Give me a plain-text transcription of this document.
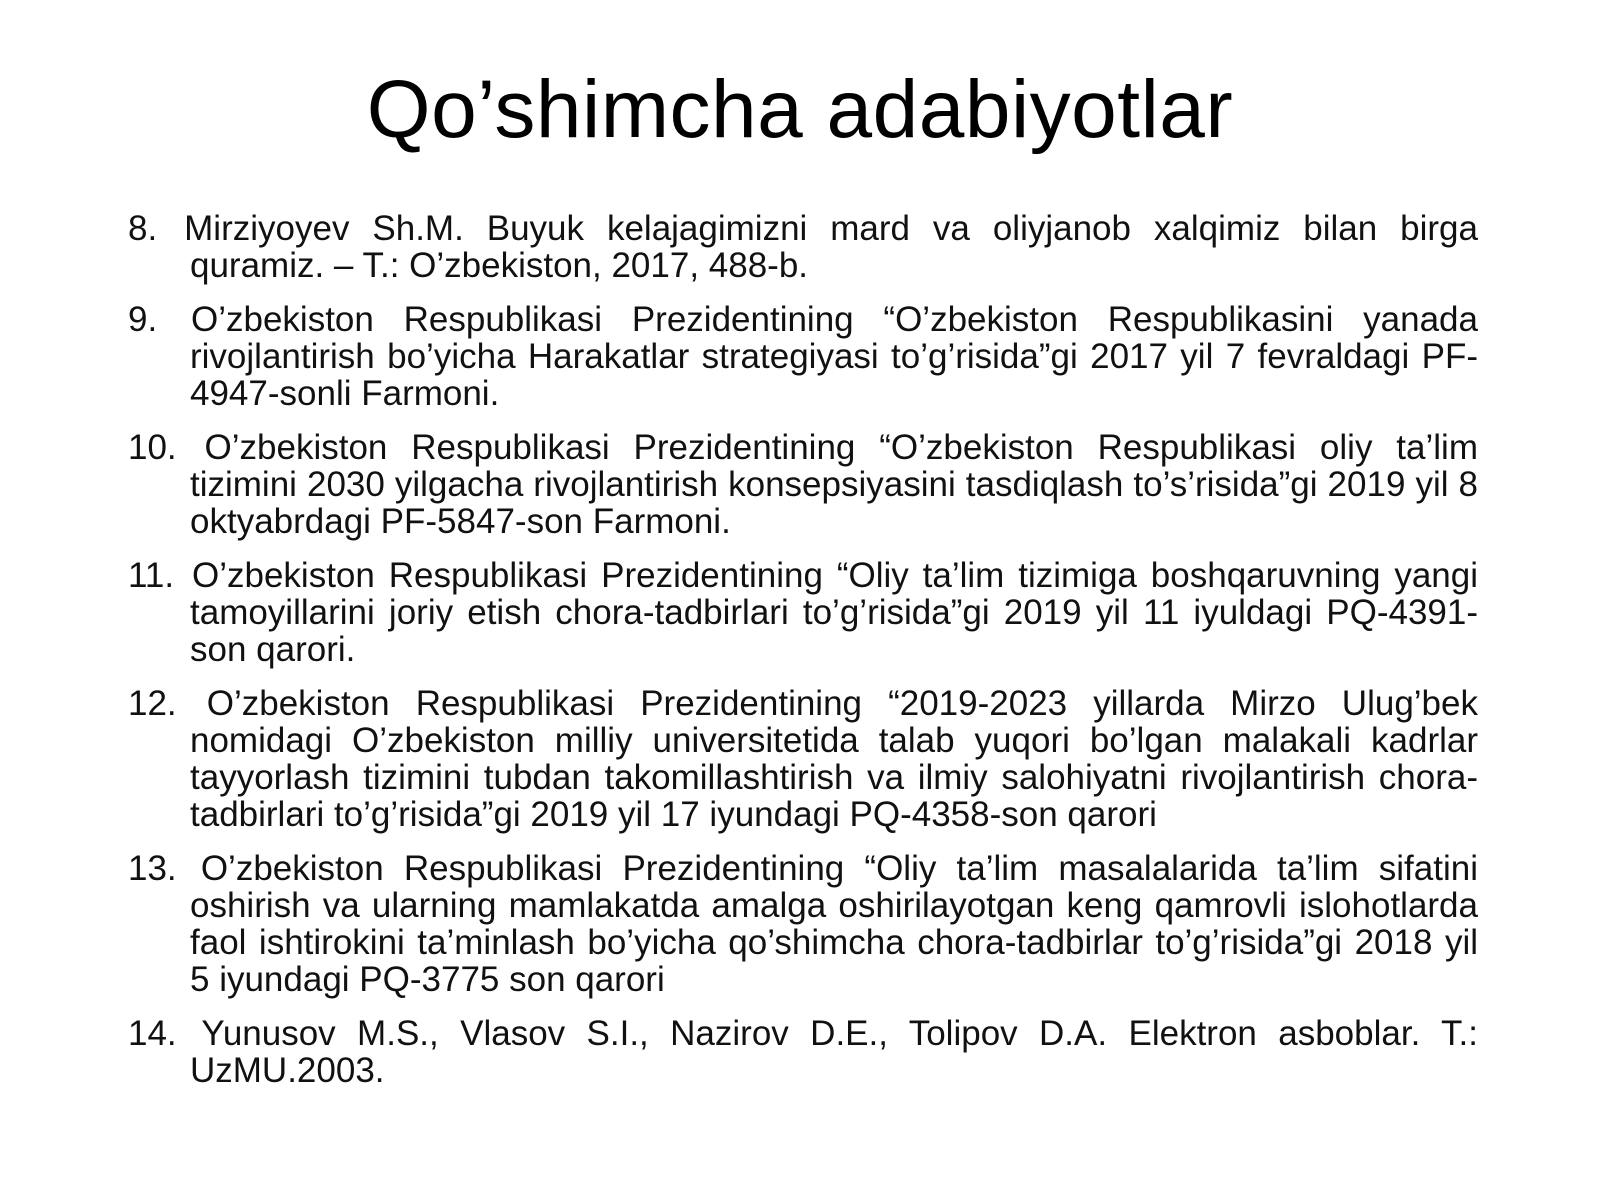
Qo’shimcha adabiyotlar
8. Mirziyoyev Sh.M. Buyuk kelajagimizni mard va oliyjanob xalqimiz bilan birga quramiz. – T.: O’zbekiston, 2017, 488-b.
9. O’zbekiston Respublikasi Prezidentining “O’zbekiston Respublikasini yanada rivojlantirish bo’yicha Harakatlar strategiyasi to’g’risida”gi 2017 yil 7 fevraldagi PF-4947-sonli Farmoni.
10. O’zbekiston Respublikasi Prezidentining “O’zbekiston Respublikasi oliy ta’lim tizimini 2030 yilgacha rivojlantirish konsepsiyasini tasdiqlash to’s’risida”gi 2019 yil 8 oktyabrdagi PF-5847-son Farmoni.
11. O’zbekiston Respublikasi Prezidentining “Oliy ta’lim tizimiga boshqaruvning yangi tamoyillarini joriy etish chora-tadbirlari to’g’risida”gi 2019 yil 11 iyuldagi PQ-4391-son qarori.
12. O’zbekiston Respublikasi Prezidentining “2019-2023 yillarda Mirzo Ulug’bek nomidagi O’zbekiston milliy universitetida talab yuqori bo’lgan malakali kadrlar tayyorlash tizimini tubdan takomillashtirish va ilmiy salohiyatni rivojlantirish chora-tadbirlari to’g’risida”gi 2019 yil 17 iyundagi PQ-4358-son qarori
13. O’zbekiston Respublikasi Prezidentining “Oliy ta’lim masalalarida ta’lim sifatini oshirish va ularning mamlakatda amalga oshirilayotgan keng qamrovli islohotlarda faol ishtirokini ta’minlash bo’yicha qo’shimcha chora-tadbirlar to’g’risida”gi 2018 yil 5 iyundagi PQ-3775 son qarori
14. Yunusov M.S., Vlasov S.I., Nazirov D.E., Tolipov D.A. Elektron asboblar. T.: UzMU.2003.
